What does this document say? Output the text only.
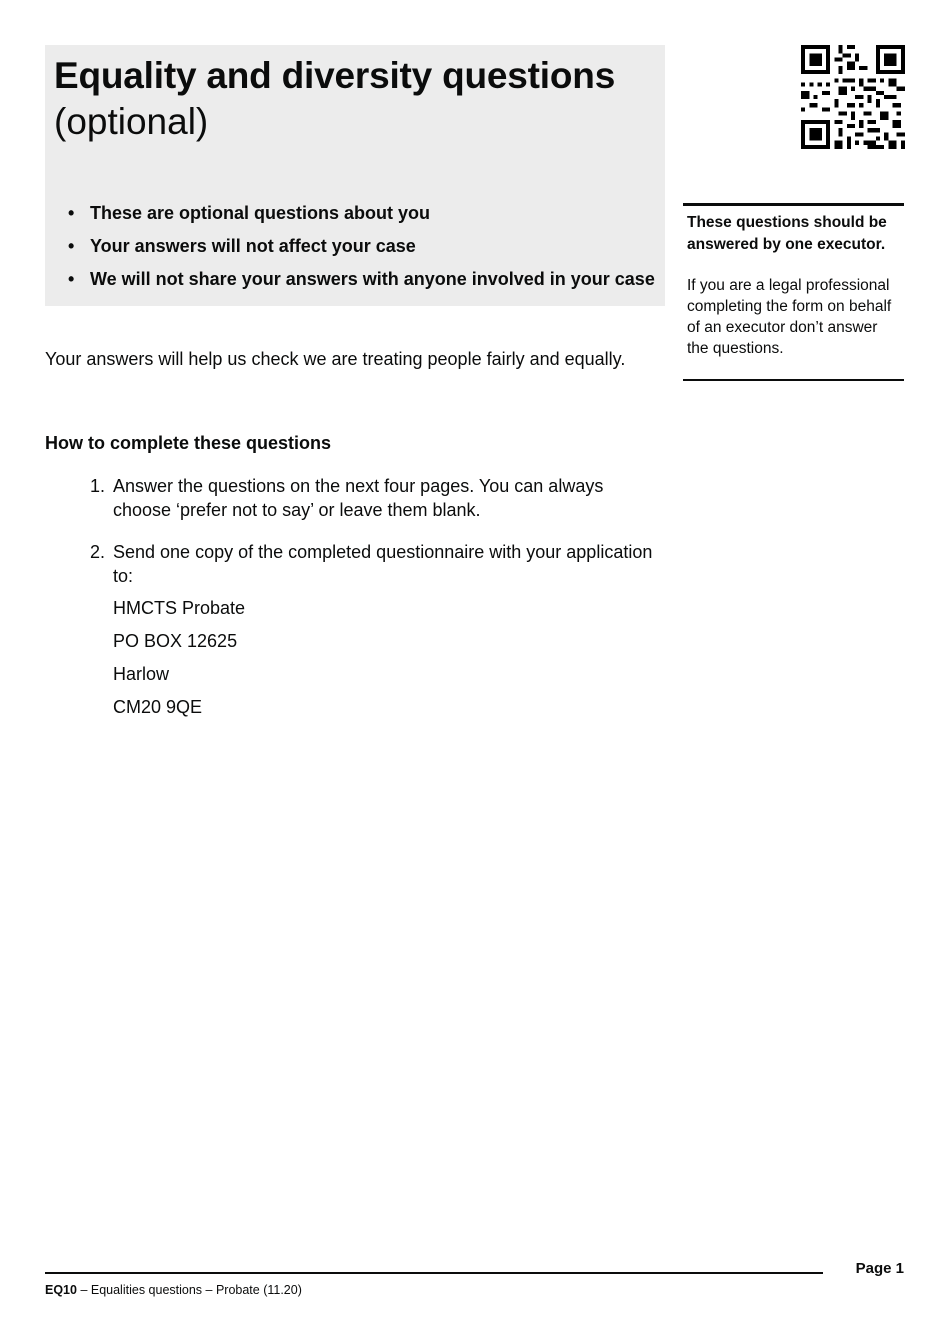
Equality and diversity questions

(optional)

• These are optional questions about you
• Your answers will not affect your case
• We will not share your answers with anyone involved in your case

These questions should be answered by one executor.

If you are a legal professional completing the form on behalf of an executor don’t answer the questions.

Your answers will help us check we are treating people fairly and equally.

How to complete these questions
1. Answer the questions on the next four pages. You can always choose ‘prefer not to say’ or leave them blank.
2. Send one copy of the completed questionnaire with your application to:

HMCTS Probate

PO BOX 12625

Harlow

CM20 9QE

Page 1

EQ10 – Equalities questions – Probate (11.20)
